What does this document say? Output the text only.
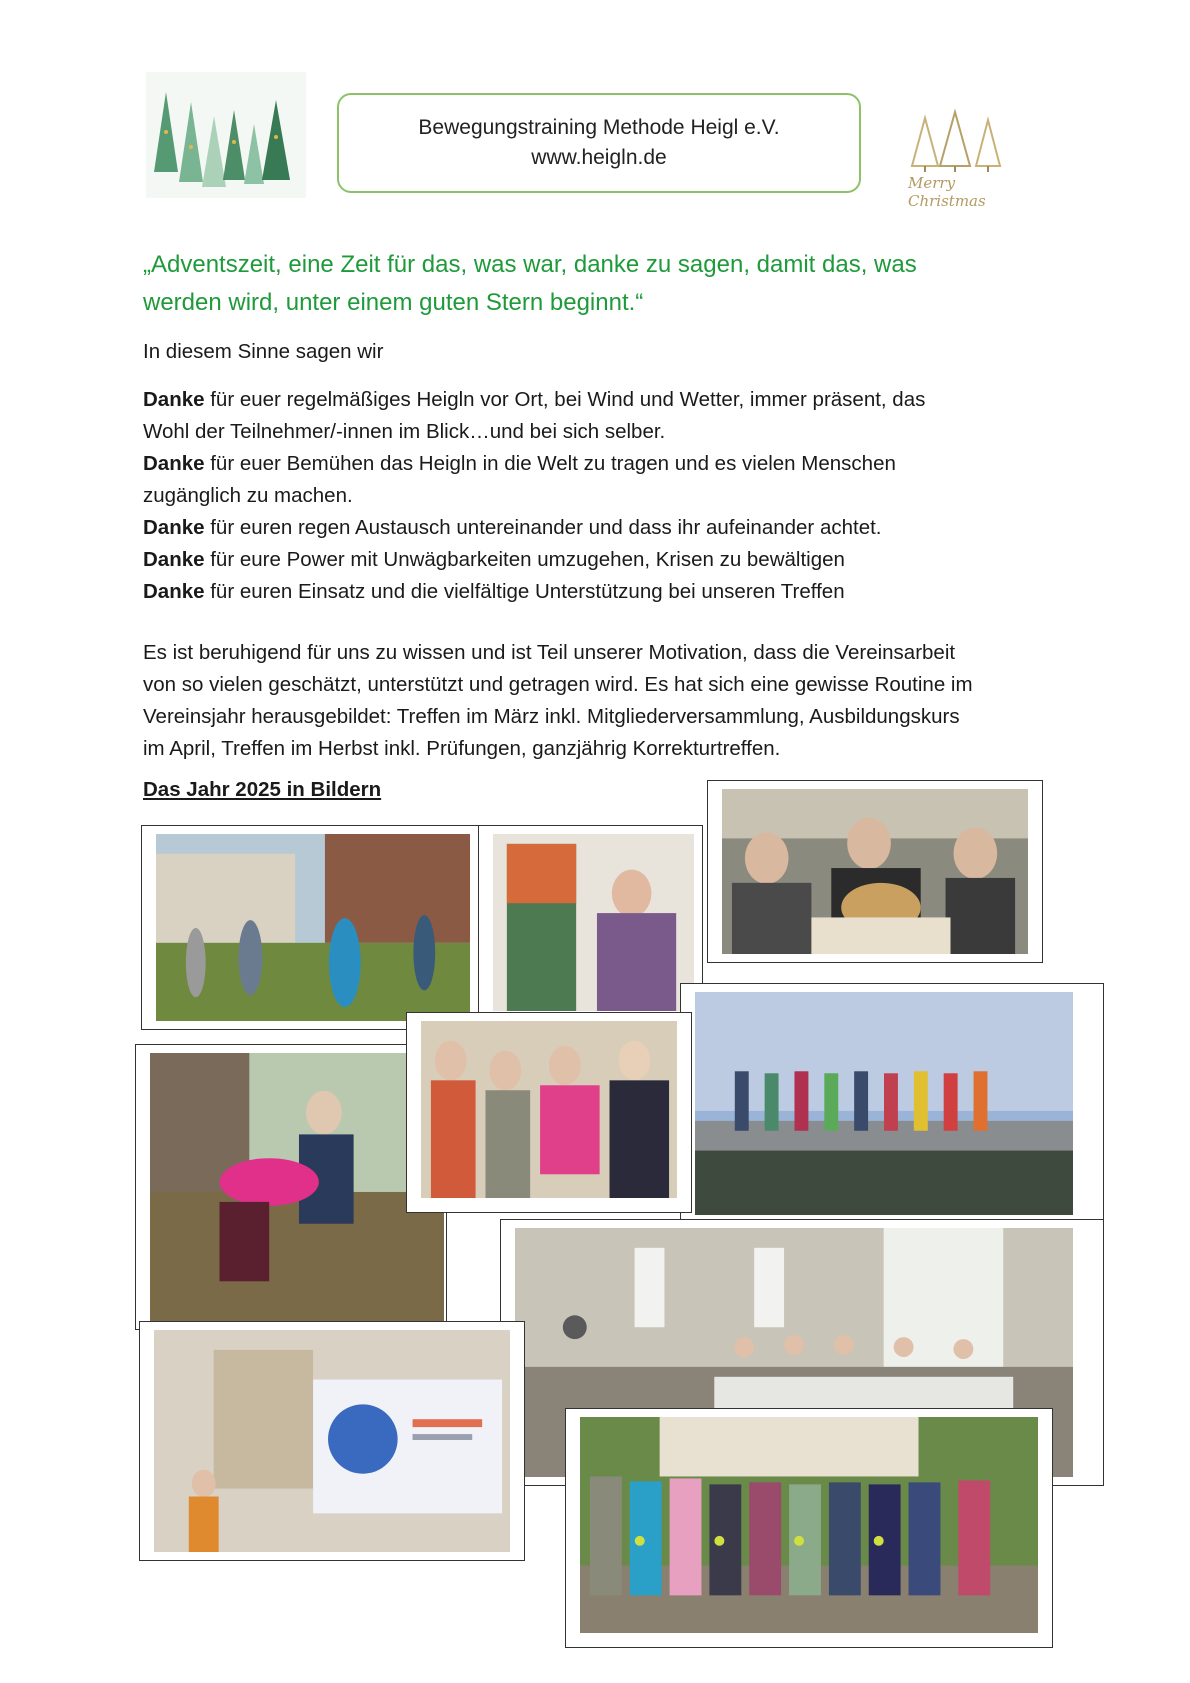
Bewegungstraining Methode Heigl e.V.
www.heigln.de
Merry Christmas
„Adventszeit, eine Zeit für das, was war, danke zu sagen, damit das, was
werden wird, unter einem guten Stern beginnt.“
In diesem Sinne sagen wir
Danke für euer regelmäßiges Heigln vor Ort, bei Wind und Wetter, immer präsent, das
Wohl der Teilnehmer/-innen im Blick…und bei sich selber.
Danke für euer Bemühen das Heigln in die Welt zu tragen und es vielen Menschen
zugänglich zu machen.
Danke für euren regen Austausch untereinander und dass ihr aufeinander achtet.
Danke für eure Power mit Unwägbarkeiten umzugehen, Krisen zu bewältigen
Danke für euren Einsatz und die vielfältige Unterstützung bei unseren Treffen
Es ist beruhigend für uns zu wissen und ist Teil unserer Motivation, dass die Vereinsarbeit
von so vielen geschätzt, unterstützt und getragen wird. Es hat sich eine gewisse Routine im
Vereinsjahr herausgebildet: Treffen im März inkl. Mitgliederversammlung, Ausbildungskurs
im April, Treffen im Herbst inkl. Prüfungen, ganzjährig Korrekturtreffen.
Das Jahr 2025 in Bildern
